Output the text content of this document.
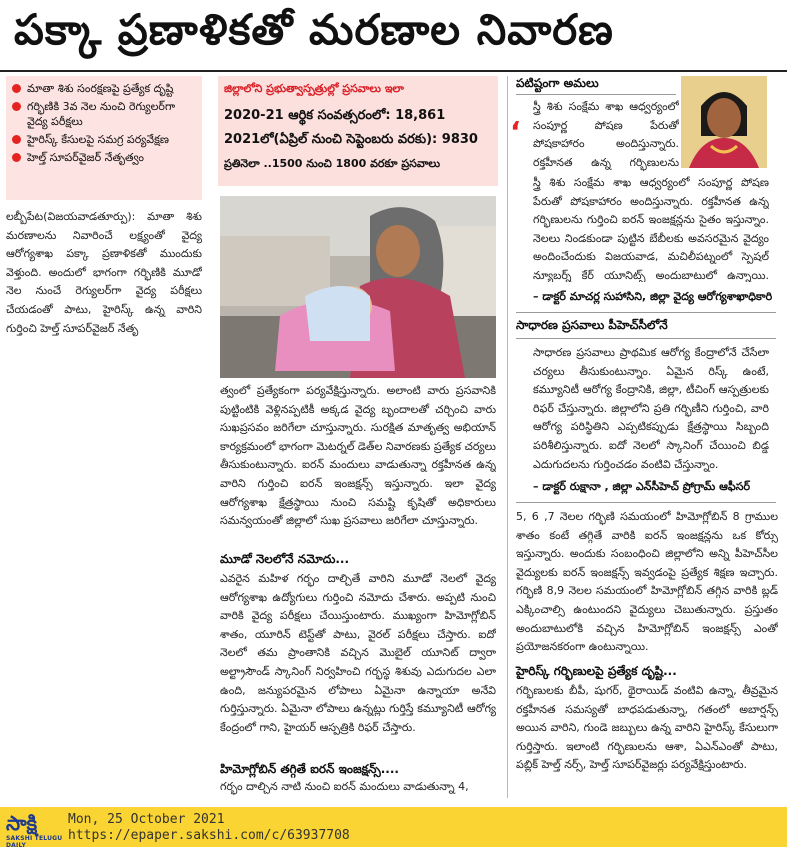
పక్కా ప్రణాళికతో మరణాల నివారణ
మాతా శిశు సంరక్షణపై ప్రత్యేక దృష్టి
గర్భిణికి 3వ నెల నుంచి రెగ్యులర్‌గా వైద్య పరీక్షలు
హైరిస్క్ కేసులపై సమగ్ర పర్యవేక్షణ
హెల్త్ సూపర్‌వైజర్ నేతృత్వం
లబ్బీపేట(విజయవాడతూర్పు): మాతా శిశు మరణాలను నివారించే లక్ష్యంతో వైద్య ఆరోగ్యశాఖ పక్కా ప్రణాళికతో ముందుకు వెళ్తుంది. అందులో భాగంగా గర్భిణికి మూడో నెల నుంచే రెగ్యులర్‌గా వైద్య పరీక్షలు చేయడంతో పాటు, హైరిస్క్ ఉన్న వారిని గుర్తించి హెల్త్ సూపర్‌వైజర్ నేతృ
జిల్లాలోని ప్రభుత్వాస్పత్రుల్లో ప్రసవాలు ఇలా
2020-21 ఆర్థిక సంవత్సరంలో: 18,861
2021లో(ఏప్రిల్ నుంచి సెప్టెంబరు వరకు): 9830
ప్రతినెలా ..1500 నుంచి 1800 వరకూ ప్రసవాలు
త్వంలో ప్రత్యేకంగా పర్యవేక్షిస్తున్నారు. అలాంటి వారు ప్రసవానికి పుట్టింటికి వెళ్లినప్పటికీ అక్కడ వైద్య బృందాలతో చర్చించి వారు సుఖప్రసవం జరిగేలా చూస్తున్నారు. సురక్షిత మాతృత్వ అభియాన్ కార్యక్రమంలో భాగంగా మెటర్నల్ డెత్‌ల నివారణకు ప్రత్యేక చర్యలు తీసుకుంటున్నారు. ఐరన్ మందులు వాడుతున్నా రక్తహీనత ఉన్న వారిని గుర్తించి ఐరన్ ఇంజక్షన్స్ ఇస్తున్నారు. ఇలా వైద్య ఆరోగ్యశాఖ క్షేత్రస్థాయి నుంచి సమష్టి కృషితో అధికారులు సమన్వయంతో జిల్లాలో సుఖ ప్రసవాలు జరిగేలా చూస్తున్నారు.
మూడో నెలలోనే నమోదు...
ఎవరైన మహిళ గర్భం దాల్చితే వారిని మూడో నెలలో వైద్య ఆరోగ్యశాఖ ఉద్యోగులు గుర్తించి నమోదు చేశారు. అప్పటి నుంచి వారికి వైద్య పరీక్షలు చేయిస్తుంటారు. ముఖ్యంగా హిమోగ్లోబిన్ శాతం, యూరిన్ టెస్ట్‌తో పాటు, వైరల్ పరీక్షలు చేస్తారు. ఐదో నెలలో తమ ప్రాంతానికి వచ్చిన మొబైల్ యూనిట్ ద్వారా అల్ట్రాసౌండ్ స్కానింగ్ నిర్వహించి గర్భస్థ శిశువు ఎదుగుదల ఎలా ఉంది, జన్యుపరమైన లోపాలు ఏమైనా ఉన్నాయా అనేవి గుర్తిస్తున్నారు. ఏమైనా లోపాలు ఉన్నట్లు గుర్తిస్తే కమ్యూనిటీ ఆరోగ్య కేంద్రంలో గాని, హైయర్ ఆస్పత్రికి రిఫర్ చేస్తారు.
హిమోగ్లోబిన్ తగ్గితే ఐరన్ ఇంజక్షన్స్....
గర్భం దాల్చిన నాటి నుంచి ఐరన్ మందులు వాడుతున్నా 4,
పటిష్టంగా అమలు
‘
స్త్రీ శిశు సంక్షేమ శాఖ ఆధ్వర్యంలో సంపూర్ణ పోషణ పేరుతో పోషకాహారం అందిస్తున్నారు. రక్తహీనత ఉన్న గర్భిణులను
స్త్రీ శిశు సంక్షేమ శాఖ ఆధ్వర్యంలో సంపూర్ణ పోషణ పేరుతో పోషకాహారం అందిస్తున్నారు. రక్తహీనత ఉన్న గర్భిణులను గుర్తించి ఐరన్ ఇంజక్షన్లను సైతం ఇస్తున్నాం. నెలలు నిండకుండా పుట్టిన బేబీలకు అవసరమైన వైద్యం అందించేందుకు విజయవాడ, మచిలీపట్నంలో స్పెషల్ న్యూబర్న్ కేర్ యూనిట్స్ అందుబాటులో ఉన్నాయి.
– డాక్టర్ మాచర్ల సుహాసిని, జిల్లా వైద్య ఆరోగ్యశాఖాధికారి
సాధారణ ప్రసవాలు పీహెచ్‌సీలోనే
సాధారణ ప్రసవాలు ప్రాథమిక ఆరోగ్య కేంద్రాలోనే చేసేలా చర్యలు తీసుకుంటున్నాం. ఏమైన రిస్క్ ఉంటే, కమ్యూనిటీ ఆరోగ్య కేంద్రానికి, జిల్లా, టీచింగ్ ఆస్పత్రులకు రిఫర్ చేస్తున్నారు. జిల్లాలోని ప్రతి గర్భిణీని గుర్తించి, వారి ఆరోగ్య పరిస్థితిని ఎప్పటికప్పుడు క్షేత్రస్థాయి సిబ్బంది పరిశీలిస్తున్నారు. ఐదో నెలలో స్కానింగ్ చేయించి బిడ్డ ఎదుగుదలను గుర్తించడం వంటివి చేస్తున్నాం.
– డాక్టర్ రుక్షానా , జిల్లా ఎన్‌సీహెచ్ ప్రోగ్రామ్ ఆఫీసర్
5, 6 ,7 నెలల గర్భిణి సమయంలో హిమోగ్లోబిన్ 8 గ్రాముల శాతం కంటే తగ్గితే వారికి ఐరన్ ఇంజక్షన్లను ఒక కోర్సు ఇస్తున్నారు. అందుకు సంబంధించి జిల్లాలోని అన్ని పీహెచ్‌సీల వైద్యులకు ఐరన్ ఇంజక్షన్స్ ఇవ్వడంపై ప్రత్యేక శిక్షణ ఇచ్చారు. గర్భిణి 8,9 నెలల సమయంలో హిమోగ్లోబిన్ తగ్గిన వారికి బ్లడ్ ఎక్కించాల్సి ఉంటుందని వైద్యులు చెబుతున్నారు. ప్రస్తుతం అందుబాటులోకి వచ్చిన హిమోగ్లోబిన్ ఇంజక్షన్స్ ఎంతో ప్రయోజనకరంగా ఉంటున్నాయి.
హైరిస్క్ గర్భిణులపై ప్రత్యేక దృష్టి...
గర్భిణులకు బీపీ, షుగర్, థైరాయిడ్ వంటివి ఉన్నా, తీవ్రమైన రక్తహీనత సమస్యతో బాధపడుతున్నా, గతంలో అబార్షన్స్ అయిన వారిని, గుండె జబ్బులు ఉన్న వారిని హైరిస్క్ కేసులుగా గుర్తిస్తారు. ఇలాంటి గర్భిణులను ఆశా, ఏఎన్ఎంతో పాటు, పబ్లిక్ హెల్త్ నర్స్, హెల్త్ సూపర్‌వైజర్లు పర్యవేక్షిస్తుంటారు.
సాక్షి
SAKSHI TELUGU DAILY
Mon, 25 October 2021
https://epaper.sakshi.com/c/63937708
